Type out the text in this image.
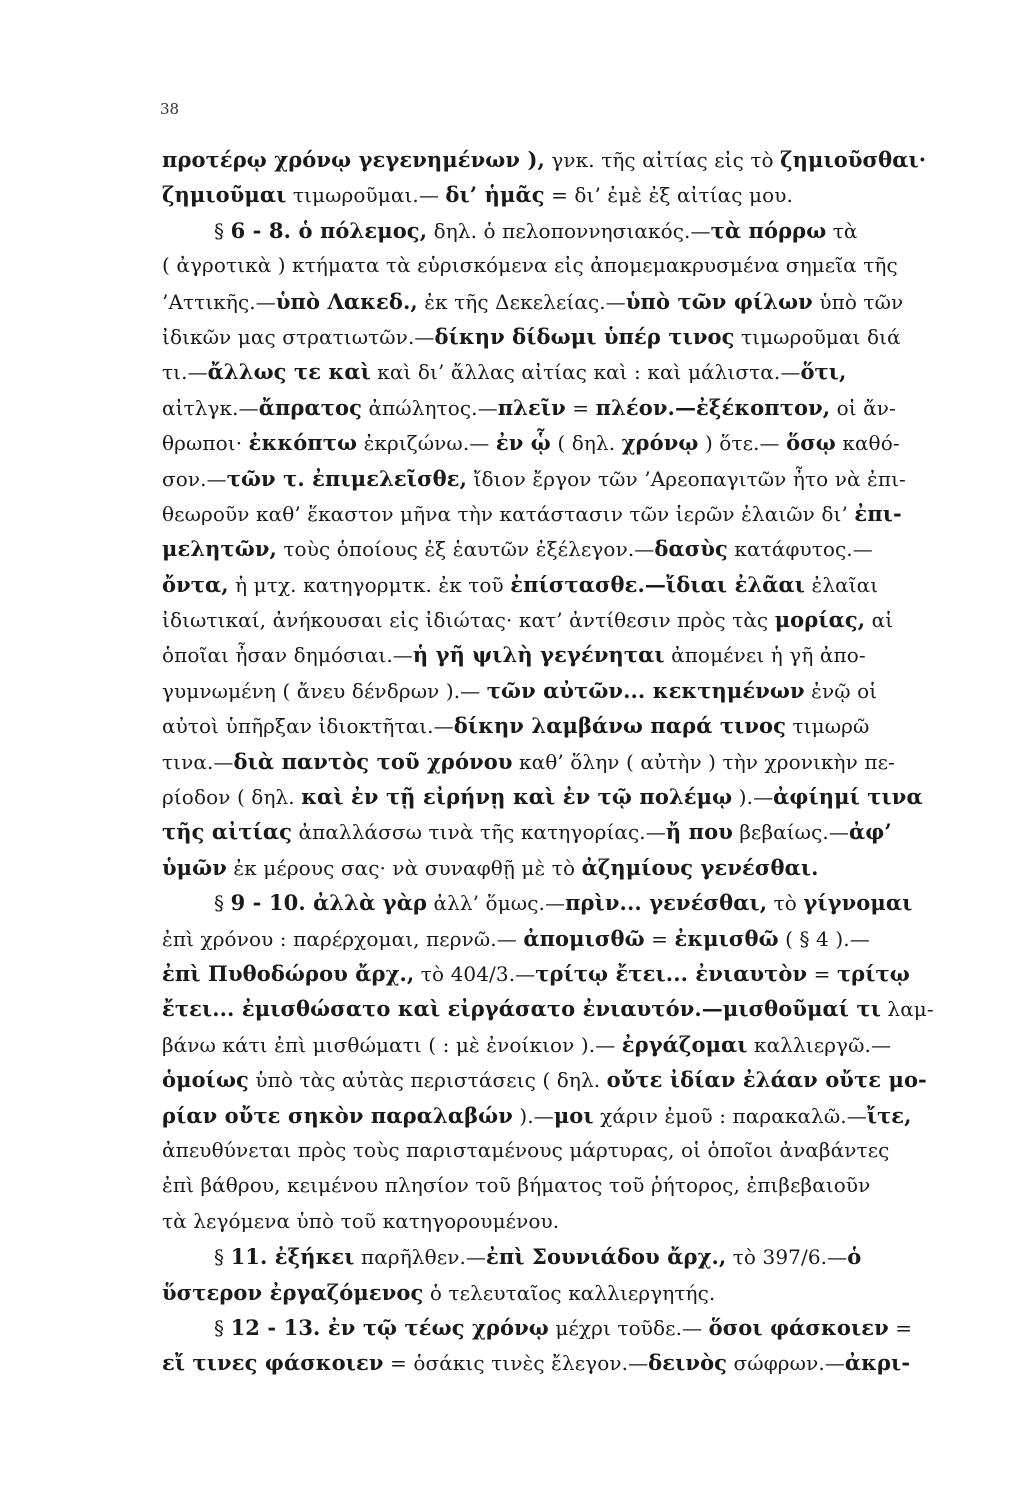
38
προτέρῳ χρόνῳ γεγενημένων ), γνκ. τῆς αἰτίας εἰς τὸ ζημιοῦσθαι·
ζημιοῦμαι τιμωροῦμαι.— δι’ ἡμᾶς = δι’ ἐμὲ ἐξ αἰτίας μου.
§ 6 - 8. ὁ πόλεμος, δηλ. ὁ πελοποννησιακός.—τὰ πόρρω τὰ
( ἀγροτικὰ ) κτήματα τὰ εὑρισκόμενα εἰς ἀπομεμακρυσμένα σημεῖα τῆς
’Αττικῆς.—ὑπὸ Λακεδ., ἐκ τῆς Δεκελείας.—ὑπὸ τῶν φίλων ὑπὸ τῶν
ἰδικῶν μας στρατιωτῶν.—δίκην δίδωμι ὑπέρ τινος τιμωροῦμαι διά
τι.—ἄλλως τε καὶ καὶ δι’ ἄλλας αἰτίας καὶ : καὶ μάλιστα.—ὅτι,
αἰτλγκ.—ἄπρατος ἀπώλητος.—πλεῖν = πλέον.—ἐξέκοπτον, οἱ ἄν-
θρωποι· ἐκκόπτω ἐκριζώνω.— ἐν ᾧ ( δηλ. χρόνῳ ) ὅτε.— ὅσῳ καθό-
σον.—τῶν τ. ἐπιμελεῖσθε, ἴδιον ἔργον τῶν ’Αρεοπαγιτῶν ἦτο νὰ ἐπι-
θεωροῦν καθ’ ἕκαστον μῆνα τὴν κατάστασιν τῶν ἱερῶν ἐλαιῶν δι’ ἐπι-
μελητῶν, τοὺς ὁποίους ἐξ ἑαυτῶν ἐξέλεγον.—δασὺς κατάφυτος.—
ὄντα, ἡ μτχ. κατηγορμτκ. ἐκ τοῦ ἐπίστασθε.—ἴδιαι ἐλᾶαι ἐλαῖαι
ἰδιωτικαί, ἀνήκουσαι εἰς ἰδιώτας· κατ’ ἀντίθεσιν πρὸς τὰς μορίας, αἱ
ὁποῖαι ἦσαν δημόσιαι.—ἡ γῆ ψιλὴ γεγένηται ἀπομένει ἡ γῆ ἀπο-
γυμνωμένη ( ἄνευ δένδρων ).— τῶν αὐτῶν... κεκτημένων ἐνῷ οἱ
αὐτοὶ ὑπῆρξαν ἰδιοκτῆται.—δίκην λαμβάνω παρά τινος τιμωρῶ
τινα.—διὰ παντὸς τοῦ χρόνου καθ’ ὅλην ( αὐτὴν ) τὴν χρονικὴν πε-
ρίοδον ( δηλ. καὶ ἐν τῇ εἰρήνῃ καὶ ἐν τῷ πολέμῳ ).—ἀφίημί τινα
τῆς αἰτίας ἀπαλλάσσω τινὰ τῆς κατηγορίας.—ἤ που βεβαίως.—ἀφ’
ὑμῶν ἐκ μέρους σας· νὰ συναφθῇ μὲ τὸ ἀζημίους γενέσθαι.
§ 9 - 10. ἀλλὰ γὰρ ἀλλ’ ὅμως.—πρὶν... γενέσθαι, τὸ γίγνομαι
ἐπὶ χρόνου : παρέρχομαι, περνῶ.— ἀπομισθῶ = ἐκμισθῶ ( § 4 ).—
ἐπὶ Πυθοδώρου ἄρχ., τὸ 404/3.—τρίτῳ ἔτει... ἐνιαυτὸν = τρίτῳ
ἔτει... ἐμισθώσατο καὶ εἰργάσατο ἐνιαυτόν.—μισθοῦμαί τι λαμ-
βάνω κάτι ἐπὶ μισθώματι ( : μὲ ἐνοίκιον ).— ἐργάζομαι καλλιεργῶ.—
ὁμοίως ὑπὸ τὰς αὐτὰς περιστάσεις ( δηλ. οὔτε ἰδίαν ἐλάαν οὔτε μο-
ρίαν οὔτε σηκὸν παραλαβών ).—μοι χάριν ἐμοῦ : παρακαλῶ.—ἴτε,
ἀπευθύνεται πρὸς τοὺς παρισταμένους μάρτυρας, οἱ ὁποῖοι ἀναβάντες
ἐπὶ βάθρου, κειμένου πλησίον τοῦ βήματος τοῦ ῥήτορος, ἐπιβεβαιοῦν
τὰ λεγόμενα ὑπὸ τοῦ κατηγορουμένου.
§ 11. ἐξήκει παρῆλθεν.—ἐπὶ Σουνιάδου ἄρχ., τὸ 397/6.—ὁ
ὕστερον ἐργαζόμενος ὁ τελευταῖος καλλιεργητής.
§ 12 - 13. ἐν τῷ τέως χρόνῳ μέχρι τοῦδε.— ὅσοι φάσκοιεν =
εἴ τινες φάσκοιεν = ὁσάκις τινὲς ἔλεγον.—δεινὸς σώφρων.—ἀκρι-
